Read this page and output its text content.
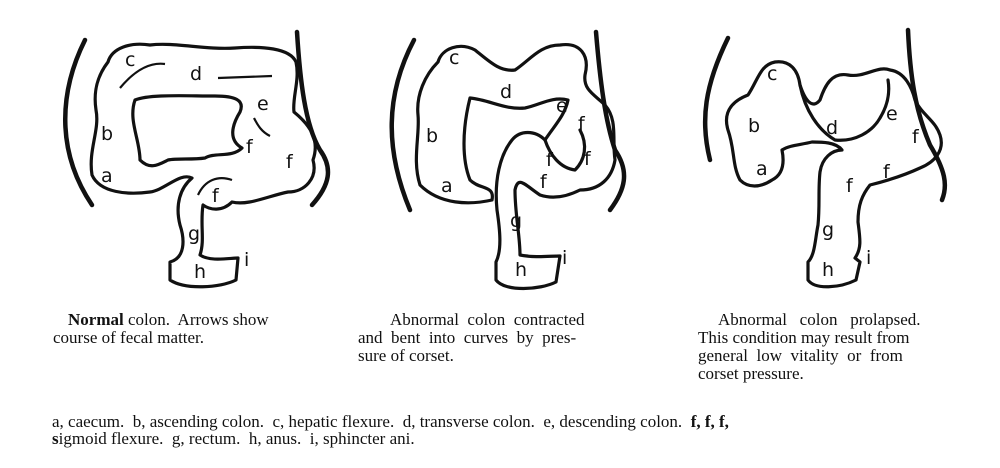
a
b
c
d
e
f
f
f
g
h
i
a
b
c
d
e
f
f
f
f
g
h
i
a
b
c
d
e
f
f
f
g
h
i
Normal colon.  Arrows show
course of fecal matter.
Abnormal  colon  contracted
and  bent  into  curves  by  pres-
sure of corset.
Abnormal   colon   prolapsed.
This condition may result from
general  low  vitality  or  from
corset pressure.
a, caecum.  b, ascending colon.  c, hepatic flexure.  d, transverse colon.  e, descending colon.  f, f, f,
sigmoid flexure.  g, rectum.  h, anus.  i, sphincter ani.
